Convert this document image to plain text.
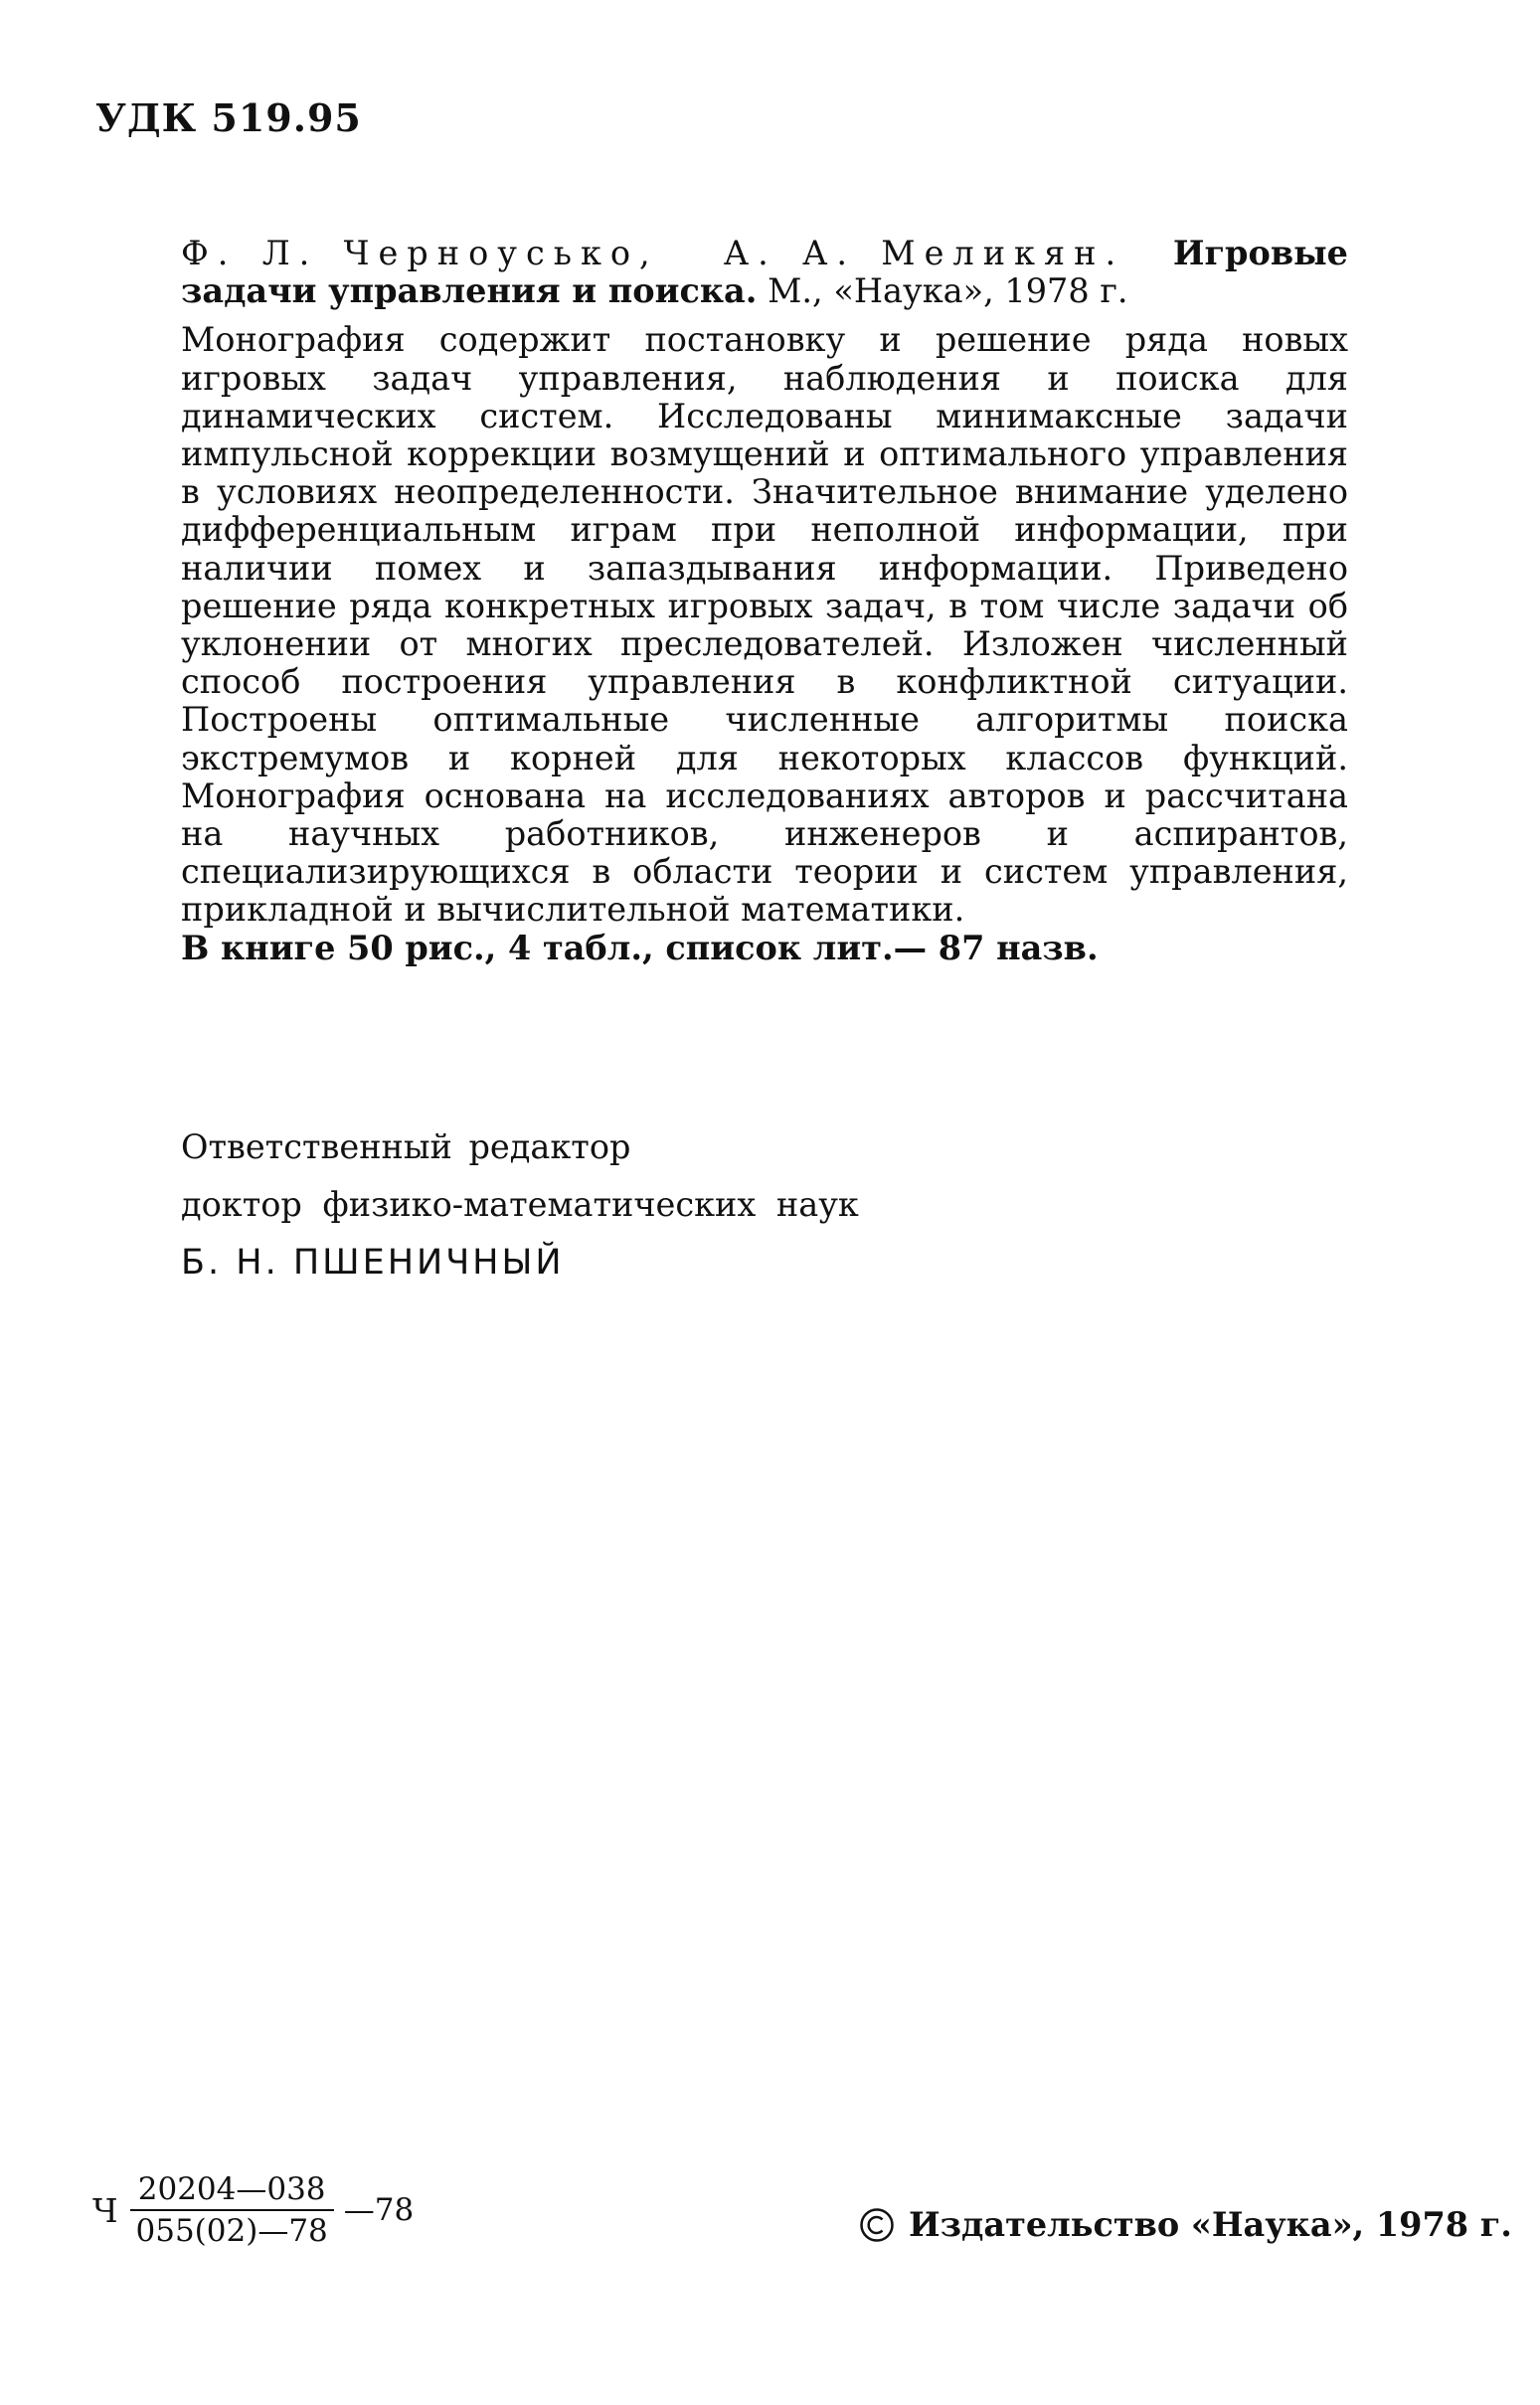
УДК 519.95

Ф. Л. Черноусько, А. А. Меликян. Игровые задачи управления и поиска. М., «Наука», 1978 г.

Монография содержит постановку и решение ряда новых игровых задач управления, наблюдения и поиска для динамических систем. Исследованы минимаксные задачи импульсной коррекции возмущений и оптимального управления в условиях неопределенности. Значительное внимание уделено дифференциальным играм при неполной информации, при наличии помех и запаздывания информации. Приведено решение ряда конкретных игровых задач, в том числе задачи об уклонении от многих преследователей. Изложен численный способ построения управления в конфликтной ситуации. Построены оптимальные численные алгоритмы поиска экстремумов и корней для некоторых классов функций. Монография основана на исследованиях авторов и рассчитана на научных работников, инженеров и аспирантов, специализирующихся в области теории и систем управления, прикладной и вычислительной математики.

В книге 50 рис., 4 табл., список лит.— 87 назв.

Ответственный редактор

доктор физико-математических наук

Б. Н. ПШЕНИЧНЫЙ

Ч $\frac{20204—038}{055(02)—78}$ —78	Издательство «Наука», 1978 г.
